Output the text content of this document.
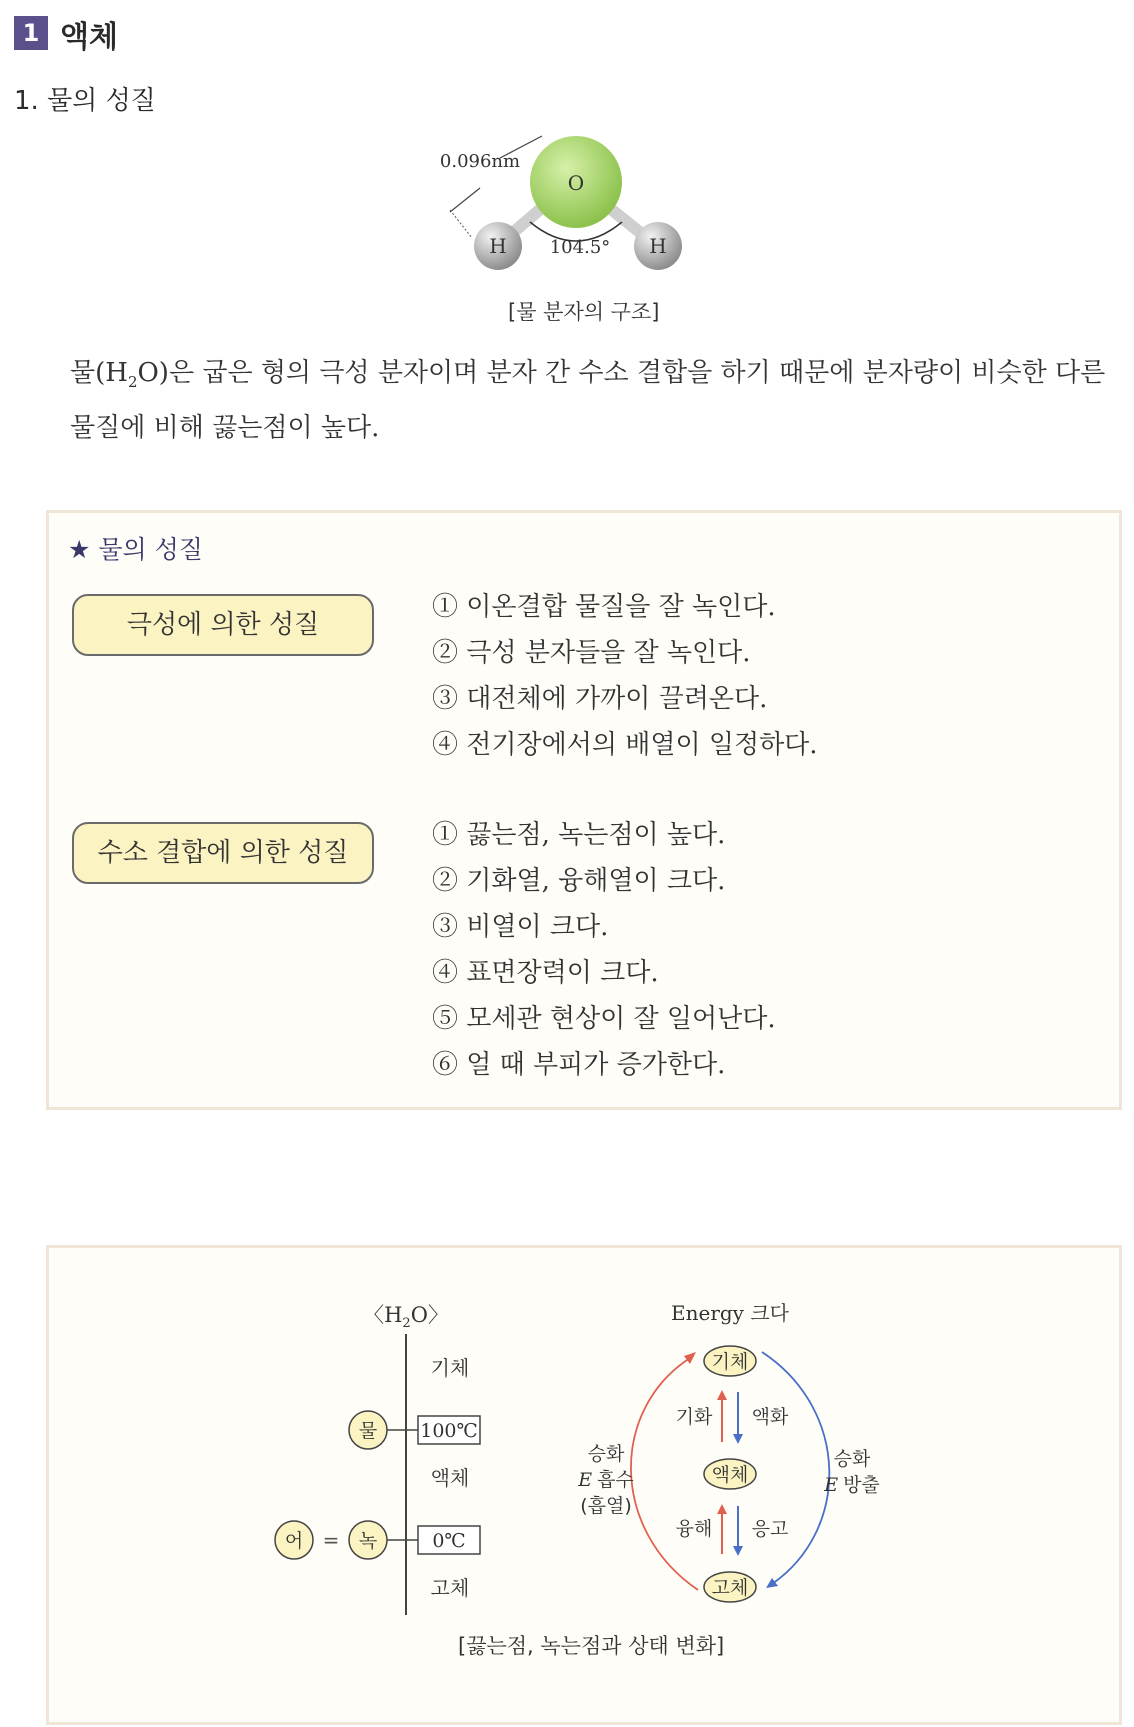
1 액체
1. 물의 성질
O
H	H
104.5°
0.096nm
[물 분자의 구조]
물$(H_2O)$은 굽은 형의 극성 분자이며 분자 간 수소 결합을 하기 때문에 분자량이 비슷한 다른 물질에 비해 끓는점이 높다.
★ 물의 성질
극성에 의한 성질
① 이온결합 물질을 잘 녹인다.
② 극성 분자들을 잘 녹인다.
③ 대전체에 가까이 끌려온다.
④ 전기장에서의 배열이 일정하다.
수소 결합에 의한 성질
① 끓는점, 녹는점이 높다.
② 기화열, 융해열이 크다.
③ 비열이 크다.
④ 표면장력이 크다.
⑤ 모세관 현상이 잘 일어난다.
⑥ 얼 때 부피가 증가한다.
〈$H_2O$〉
기체
액체
고체
물 100℃
어 = 녹	0℃
Energy 크다
기체
액체
고체
기화 액화
융해 응고
승화
E 흡수
(흡열)
승화
E 방출
[끓는점, 녹는점과 상태 변화]
